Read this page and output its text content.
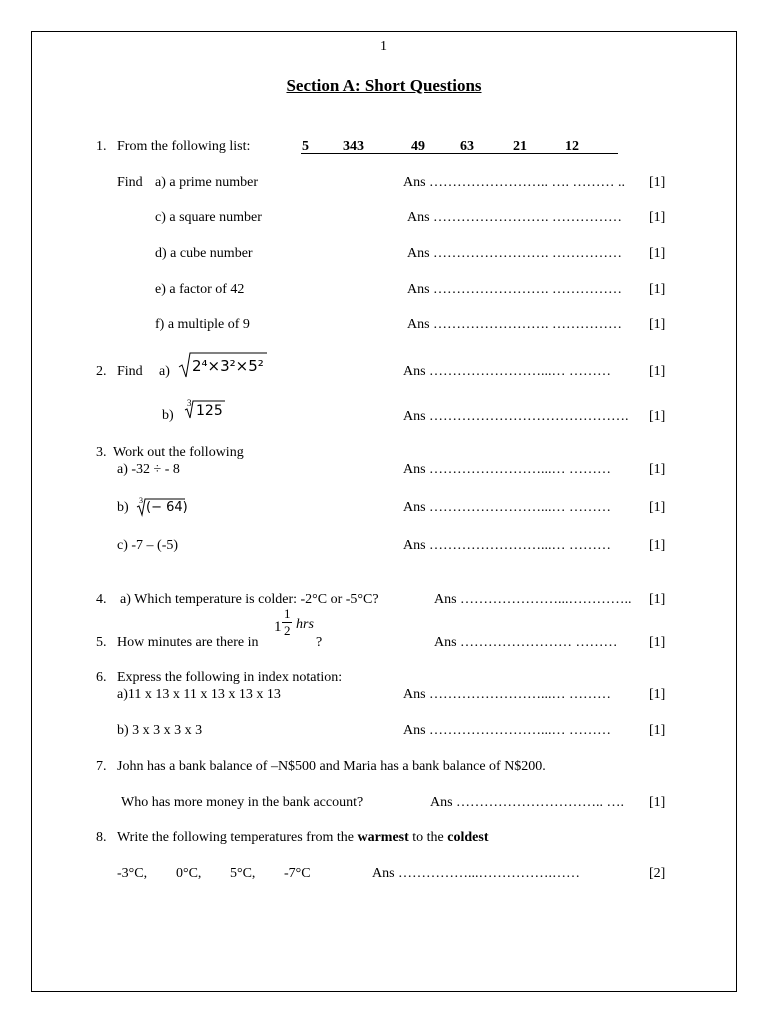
1
Section A: Short Questions
1. From the following list:	5 343	49	63	21	12
Find a) a prime number	Ans …………………….. …. ……… .. [1]
c) a square number	Ans ……………………. …………… [1]
d) a cube number	Ans ……………………. …………… [1]
e) a factor of 42	Ans ……………………. …………… [1]
f) a multiple of 9	Ans ……………………. …………… [1]
2. Find a) 2⁴×3²×5²	Ans ……………………...… ………	[1]
b)
3 125	Ans ……………………………………. [1]
3. Work out the following
a) -32 ÷ - 8	Ans ……………………...… ………	[1]
b) 3 (− 64)	Ans ……………………...… ………	[1]
c) -7 – (-5)	Ans ……………………...… ………	[1]
4. a) Which temperature is colder: -2°C or -5°C?	Ans …………………...………….. [1]
5. How minutes are there in
1
1
2 hrs
?	Ans …………………… ……… [1]
6. Express the following in index notation:
a)11 x 13 x 11 x 13 x 13 x 13	Ans ……………………...… ………	[1]
b) 3 x 3 x 3 x 3	Ans ……………………...… ………	[1]
7. John has a bank balance of –N$500 and Maria has a bank balance of N$200.
Who has more money in the bank account?	Ans ………………………….. …. [1]
8. Write the following temperatures from the warmest to the coldest
-3°C, 0°C, 5°C, -7°C	Ans ……………...…………….……	[2]
